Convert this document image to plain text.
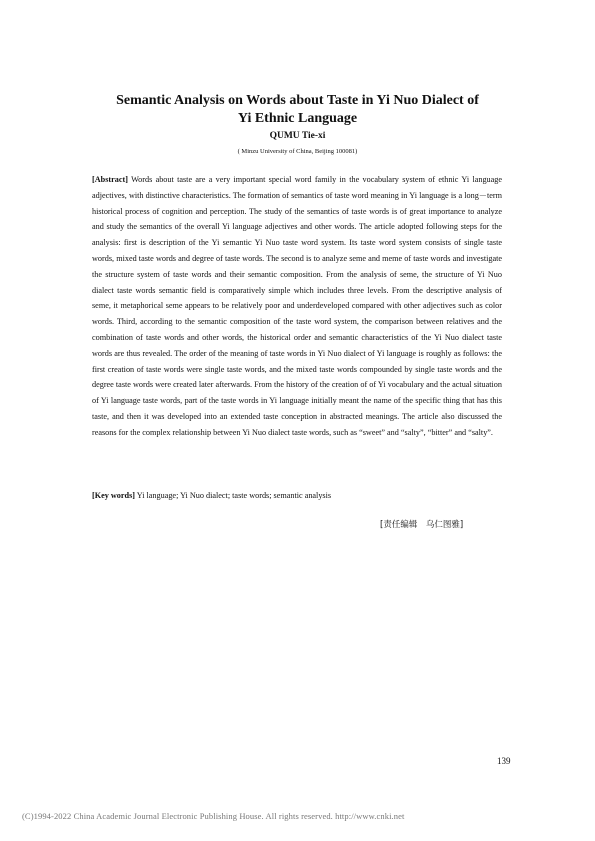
Semantic Analysis on Words about Taste in Yi Nuo Dialect of
Yi Ethnic Language
QUMU Tie-xi
( Minzu University of China, Beijing 100081)

[Abstract] Words about taste are a very important special word family in the vocabulary system of ethnic Yi language adjectives, with distinctive characteristics. The formation of semantics of taste word meaning in Yi language is a long－term historical process of cognition and perception. The study of the semantics of taste words is of great importance to analyze and study the semantics of the overall Yi language adjectives and other words. The article adopted following steps for the analysis: first is description of the Yi semantic Yi Nuo taste word system. Its taste word system consists of single taste words, mixed taste words and degree of taste words. The second is to analyze seme and meme of taste words and investigate the structure system of taste words and their semantic composition. From the analysis of seme, the structure of Yi Nuo dialect taste words semantic field is comparatively simple which includes three levels. From the descriptive analysis of seme, it metaphorical seme appears to be relatively poor and underdeveloped compared with other adjectives such as color words. Third, according to the semantic composition of the taste word system, the comparison between relatives and the combination of taste words and other words, the historical order and semantic characteristics of the Yi Nuo dialect taste words are thus revealed. The order of the meaning of taste words in Yi Nuo dialect of Yi language is roughly as follows: the first creation of taste words were single taste words, and the mixed taste words compounded by single taste words and the degree taste words were created later afterwards. From the history of the creation of of Yi vocabulary and the actual situation of Yi language taste words, part of the taste words in Yi language initially meant the name of the specific thing that has this taste, and then it was developed into an extended taste conception in abstracted meanings. The article also discussed the reasons for the complex relationship between Yi Nuo dialect taste words, such as “sweet” and “salty”, “bitter” and “salty”.

[Key words] Yi language; Yi Nuo dialect; taste words; semantic analysis

[责任编辑　乌仁图雅]
139
(C)1994-2022 China Academic Journal Electronic Publishing House. All rights reserved. http://www.cnki.net
